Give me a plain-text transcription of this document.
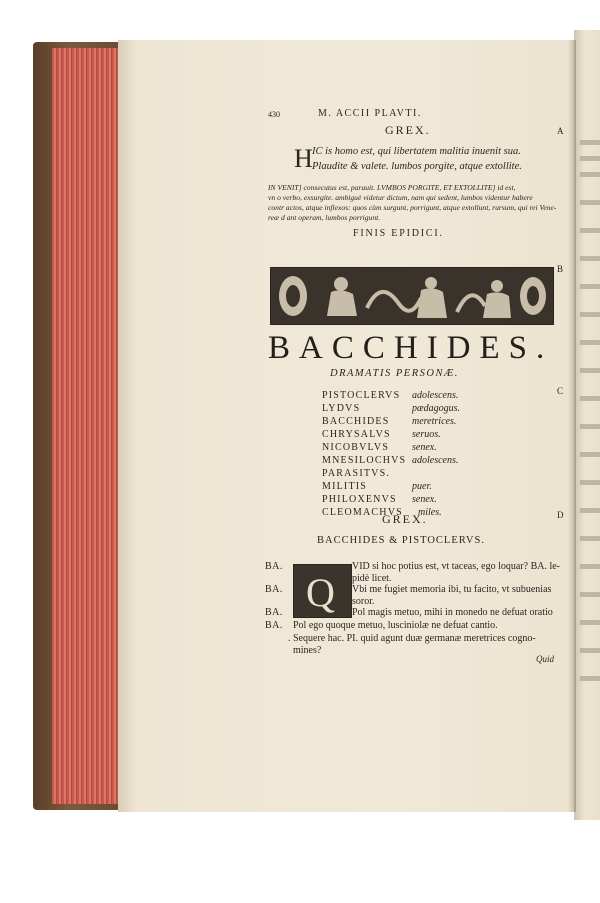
430	M. ACCII PLAVTI.
A
B
C
D
GREX.
H IC is homo est, qui libertatem malitia inuenit sua.
Plaudite & valete. lumbos porgite, atque extollite.
IN VENIT] consecutus est, parauit. LVMBOS PORGITE, ET EXTOLLITE] id est,
vn o verbo, exsurgite. ambiguè videtur dictum, nam qui sedent, lumbos videntur habere
contr actos, atque inflexos: quos cùm surgunt, porrigunt, atque extollunt, rursum, qui rei Vene-
reæ d ant operam, lumbos porrigunt.
FINIS EPIDICI.
BACCHIDES.
DRAMATIS PERSONÆ.
PISTOCLERVS adolescens.
LYDVS	pædagogus.
BACCHIDES meretrices.
CHRYSALVS seruos.
NICOBVLVS senex.
MNESILOCHVS adolescens.
PARASITVS.
MILITIS	puer.
PHILOXENVS senex.
CLEOMACHVS miles.
GREX.
BACCHIDES & PISTOCLERVS.
Q
BA.	VID si hoc potius est, vt taceas, ego loquar? BA. le-
pidè licet.
BA.	Vbi me fugiet memoria ibi, tu facito, vt subuenias
soror.
BA.	Pol magis metuo, mihi in monedo ne defuat oratio
BA. Pol ego quoque metuo, lusciniolæ ne defuat cantio.
. Sequere hac. PI. quid agunt duæ germanæ meretrices cogno-
mines?
Quid
